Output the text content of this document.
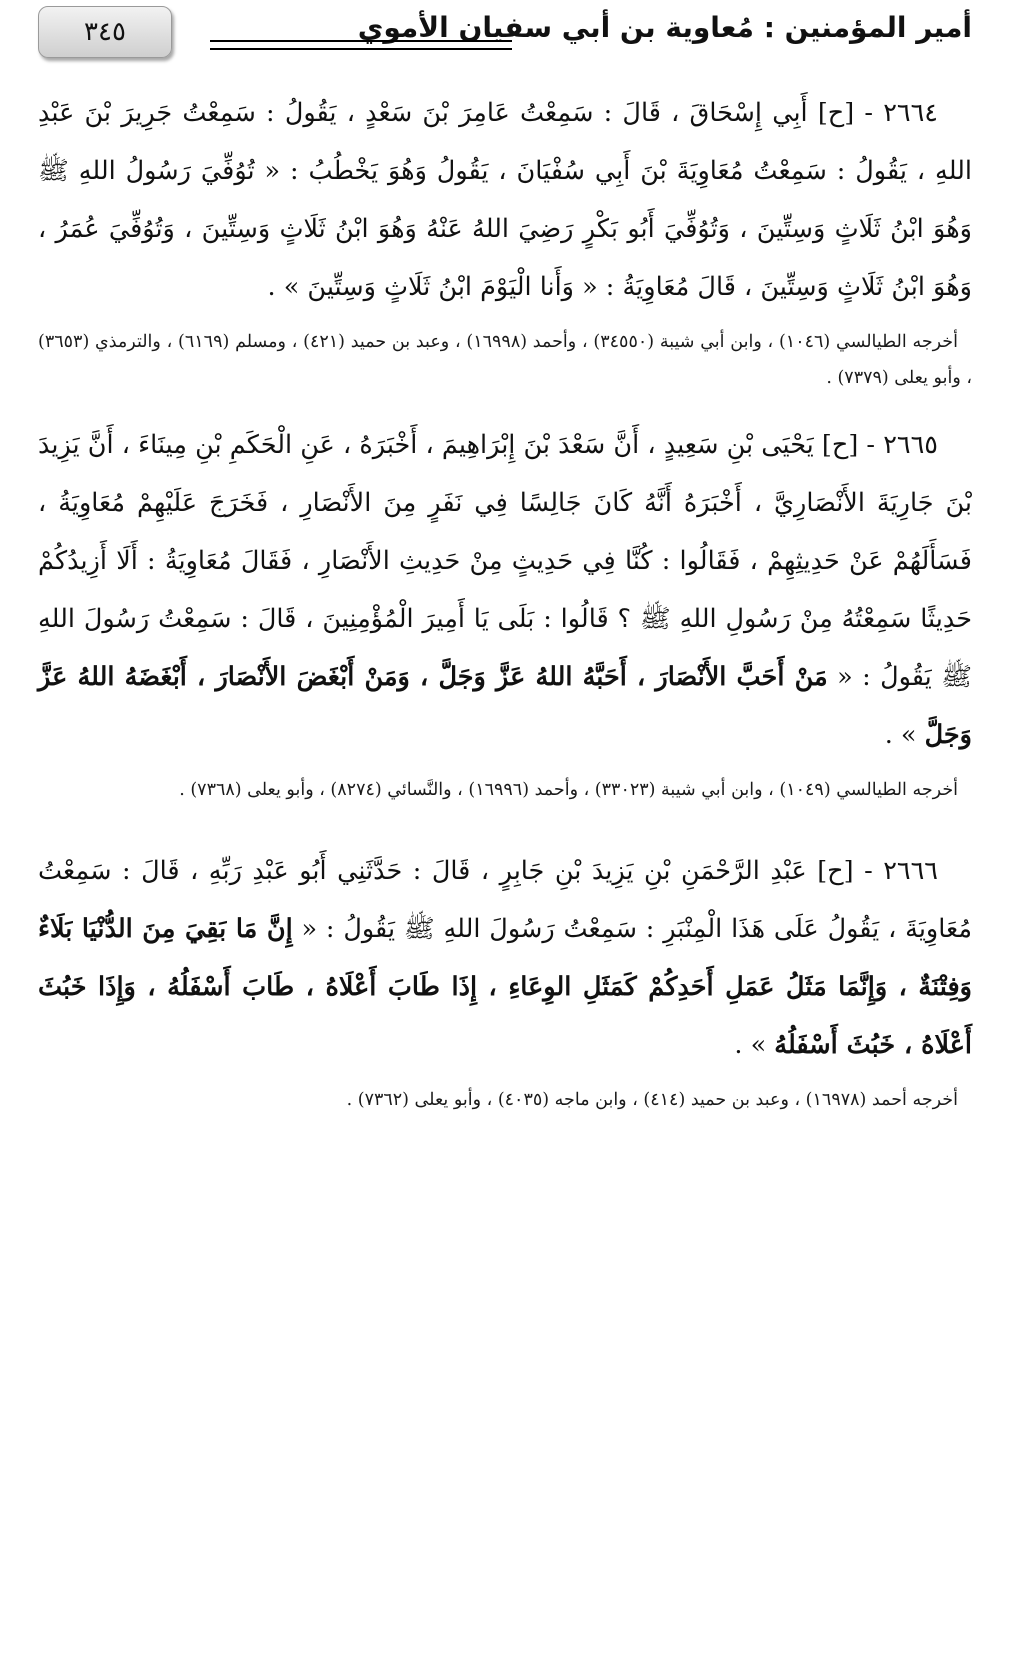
أمير المؤمنين : مُعاوية بن أبي سفيان الأموي
٣٤٥

٢٦٦٤ - [ح] أَبِي إِسْحَاقَ ، قَالَ : سَمِعْتُ عَامِرَ بْنَ سَعْدٍ ، يَقُولُ : سَمِعْتُ جَرِيرَ بْنَ عَبْدِ اللهِ ، يَقُولُ : سَمِعْتُ مُعَاوِيَةَ بْنَ أَبِي سُفْيَانَ ، يَقُولُ وَهُوَ يَخْطُبُ : « تُوُفِّيَ رَسُولُ اللهِ ﷺ وَهُوَ ابْنُ ثَلَاثٍ وَسِتِّينَ ، وَتُوُفِّيَ أَبُو بَكْرٍ رَضِيَ اللهُ عَنْهُ وَهُوَ ابْنُ ثَلَاثٍ وَسِتِّينَ ، وَتُوُفِّيَ عُمَرُ ، وَهُوَ ابْنُ ثَلَاثٍ وَسِتِّينَ ، قَالَ مُعَاوِيَةُ : « وَأَنا الْيَوْمَ ابْنُ ثَلَاثٍ وَسِتِّينَ » .

أخرجه الطيالسي (١٠٤٦) ، وابن أبي شيبة (٣٤٥٥٠) ، وأحمد (١٦٩٩٨) ، وعبد بن حميد (٤٢١) ، ومسلم (٦١٦٩) ، والترمذي (٣٦٥٣) ، وأبو يعلى (٧٣٧٩) .

٢٦٦٥ - [ح] يَحْيَى بْنِ سَعِيدٍ ، أَنَّ سَعْدَ بْنَ إِبْرَاهِيمَ ، أَخْبَرَهُ ، عَنِ الْحَكَمِ بْنِ مِينَاءَ ، أَنَّ يَزِيدَ بْنَ جَارِيَةَ الأَنْصَارِيَّ ، أَخْبَرَهُ أَنَّهُ كَانَ جَالِسًا فِي نَفَرٍ مِنَ الأَنْصَارِ ، فَخَرَجَ عَلَيْهِمْ مُعَاوِيَةُ ، فَسَأَلَهُمْ عَنْ حَدِيثِهِمْ ، فَقَالُوا : كُنَّا فِي حَدِيثٍ مِنْ حَدِيثِ الأَنْصَارِ ، فَقَالَ مُعَاوِيَةُ : أَلَا أَزِيدُكُمْ حَدِيثًا سَمِعْتُهُ مِنْ رَسُولِ اللهِ ﷺ ؟ قَالُوا : بَلَى يَا أَمِيرَ الْمُؤْمِنِينَ ، قَالَ : سَمِعْتُ رَسُولَ اللهِ ﷺ يَقُولُ : « مَنْ أَحَبَّ الأَنْصَارَ ، أَحَبَّهُ اللهُ عَزَّ وَجَلَّ ، وَمَنْ أَبْغَضَ الأَنْصَارَ ، أَبْغَضَهُ اللهُ عَزَّ وَجَلَّ » .

أخرجه الطيالسي (١٠٤٩) ، وابن أبي شيبة (٣٣٠٢٣) ، وأحمد (١٦٩٩٦) ، والنَّسائي (٨٢٧٤) ، وأبو يعلى (٧٣٦٨) .

٢٦٦٦ - [ح] عَبْدِ الرَّحْمَنِ بْنِ يَزِيدَ بْنِ جَابِرٍ ، قَالَ : حَدَّثَنِي أَبُو عَبْدِ رَبِّهِ ، قَالَ : سَمِعْتُ مُعَاوِيَةَ ، يَقُولُ عَلَى هَذَا الْمِنْبَرِ : سَمِعْتُ رَسُولَ اللهِ ﷺ يَقُولُ : « إِنَّ مَا بَقِيَ مِنَ الدُّنْيَا بَلَاءٌ وَفِتْنَةٌ ، وَإِنَّمَا مَثَلُ عَمَلِ أَحَدِكُمْ كَمَثَلِ الوِعَاءِ ، إِذَا طَابَ أَعْلَاهُ ، طَابَ أَسْفَلُهُ ، وَإِذَا خَبُثَ أَعْلَاهُ ، خَبُثَ أَسْفَلُهُ » .

أخرجه أحمد (١٦٩٧٨) ، وعبد بن حميد (٤١٤) ، وابن ماجه (٤٠٣٥) ، وأبو يعلى (٧٣٦٢) .
